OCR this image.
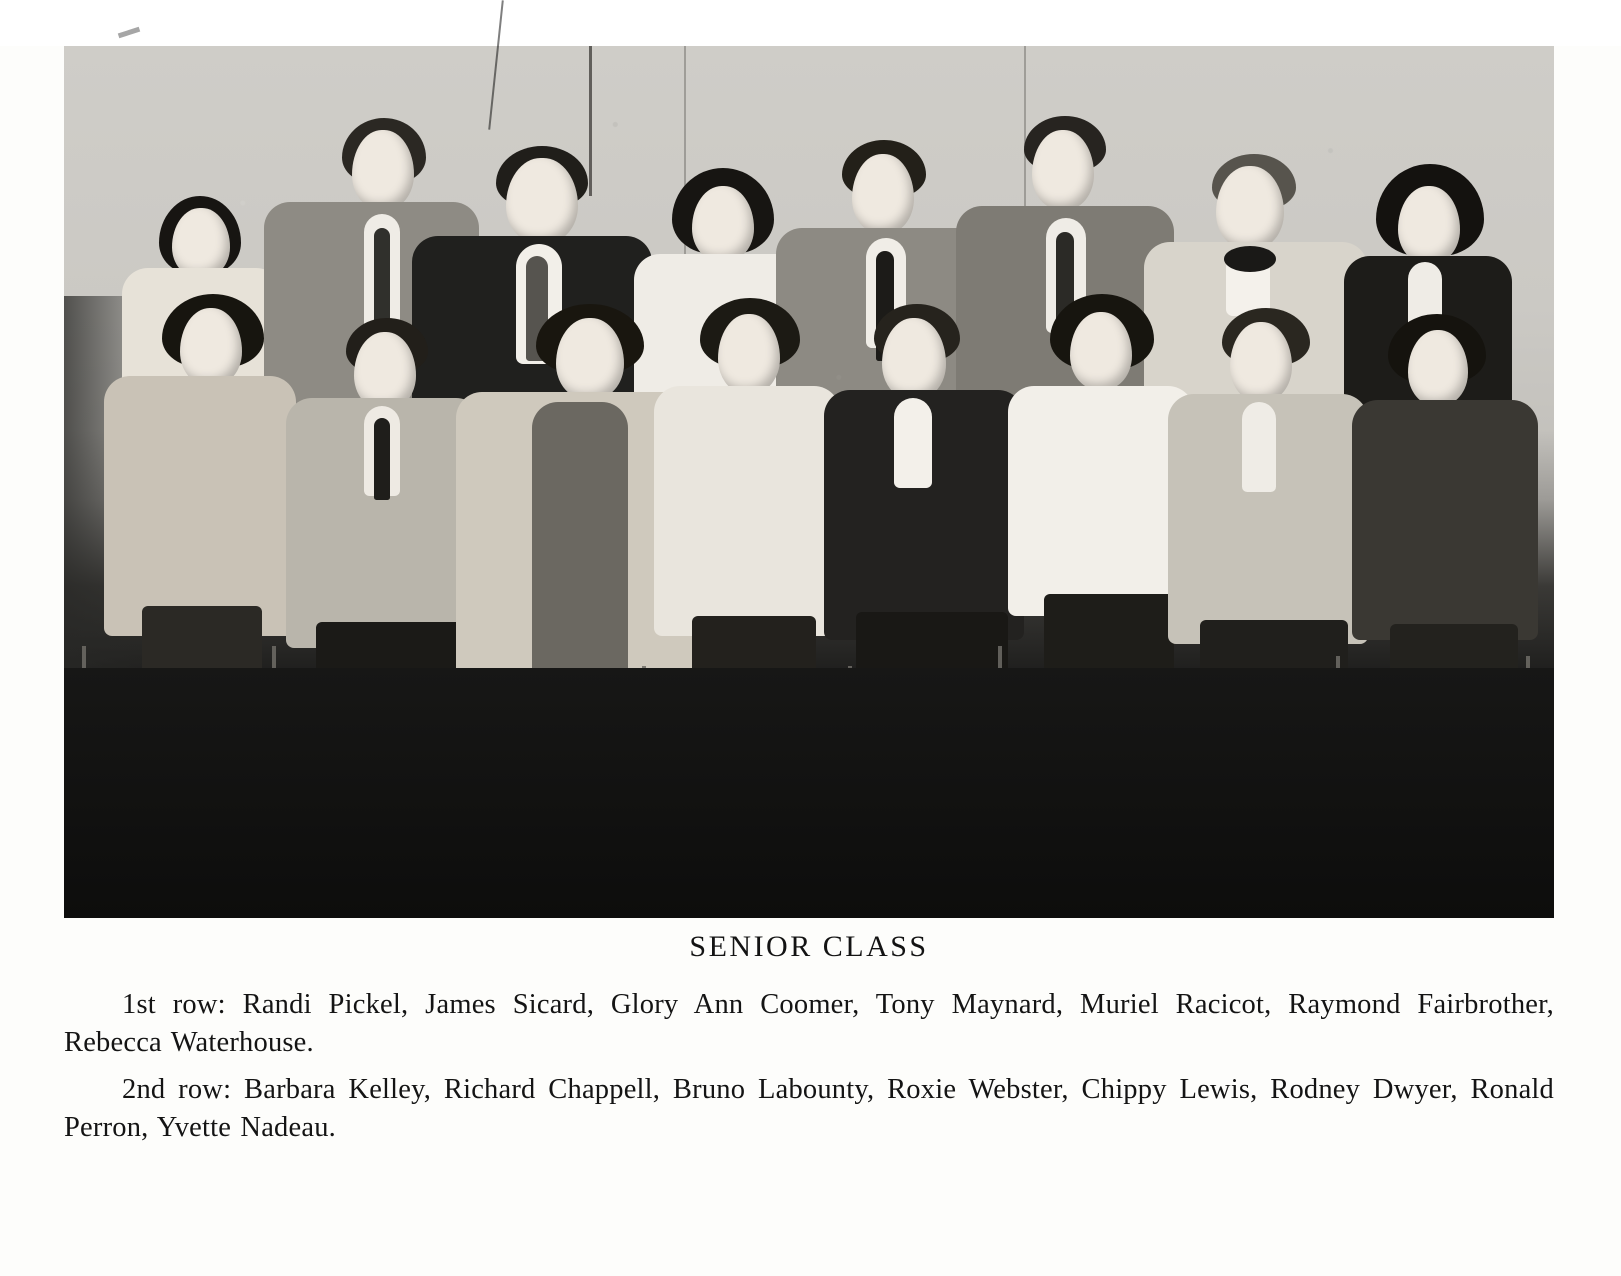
SENIOR CLASS

1st row: Randi Pickel, James Sicard, Glory Ann Coomer, Tony Maynard, Muriel Racicot, Raymond Fairbrother, Rebecca Waterhouse.

2nd row: Barbara Kelley, Richard Chappell, Bruno Labounty, Roxie Webster, Chippy Lewis, Rodney Dwyer, Ronald Perron, Yvette Nadeau.
